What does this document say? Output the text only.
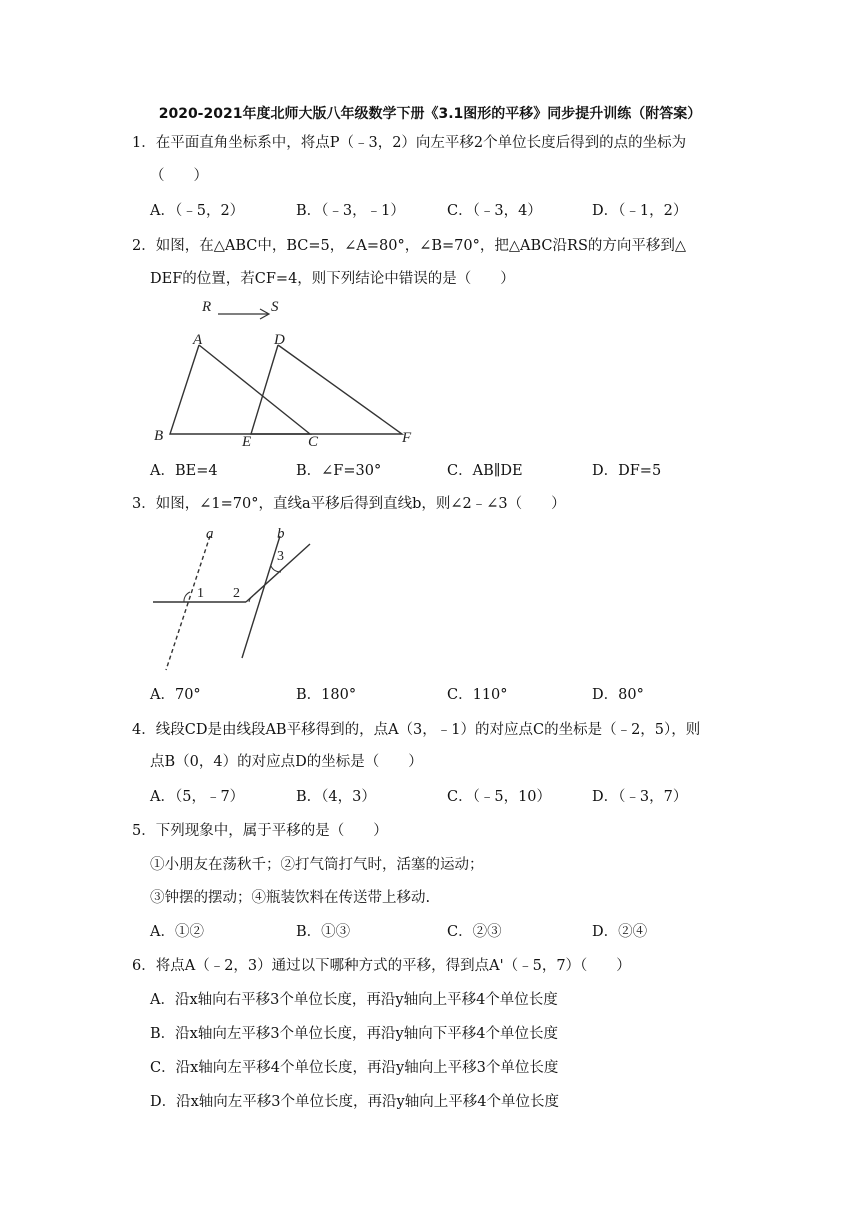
2020-2021年度北师大版八年级数学下册《3.1图形的平移》同步提升训练（附答案）
1．在平面直角坐标系中，将点P（﹣3，2）向左平移2个单位长度后得到的点的坐标为
（　　）
A．（﹣5，2）	B．（﹣3，﹣1）	C．（﹣3，4）	D．（﹣1，2）
2．如图，在△ABC中，BC=5，∠A=80°，∠B=70°，把△ABC沿RS的方向平移到△
DEF的位置，若CF=4，则下列结论中错误的是（　　）
R	S
A	D
B	E	C	F
A．BE=4	B．∠F=30°	C．AB∥DE	D．DF=5
3．如图，∠1=70°，直线a平移后得到直线b，则∠2﹣∠3（　　）
a	b
1 2
3
A．70°	B．180°	C．110°	D．80°
4．线段CD是由线段AB平移得到的，点A（3，﹣1）的对应点C的坐标是（﹣2，5），则
点B（0，4）的对应点D的坐标是（　　）
A．（5，﹣7）	B．（4，3）	C．（﹣5，10）	D．（﹣3，7）
5．下列现象中，属于平移的是（　　）
①小朋友在荡秋千；②打气筒打气时，活塞的运动；
③钟摆的摆动；④瓶装饮料在传送带上移动.
A．①②	B．①③	C．②③	D．②④
6．将点A（﹣2，3）通过以下哪种方式的平移，得到点A'（﹣5，7）（　　）
A．沿x轴向右平移3个单位长度，再沿y轴向上平移4个单位长度
B．沿x轴向左平移3个单位长度，再沿y轴向下平移4个单位长度
C．沿x轴向左平移4个单位长度，再沿y轴向上平移3个单位长度
D．沿x轴向左平移3个单位长度，再沿y轴向上平移4个单位长度
